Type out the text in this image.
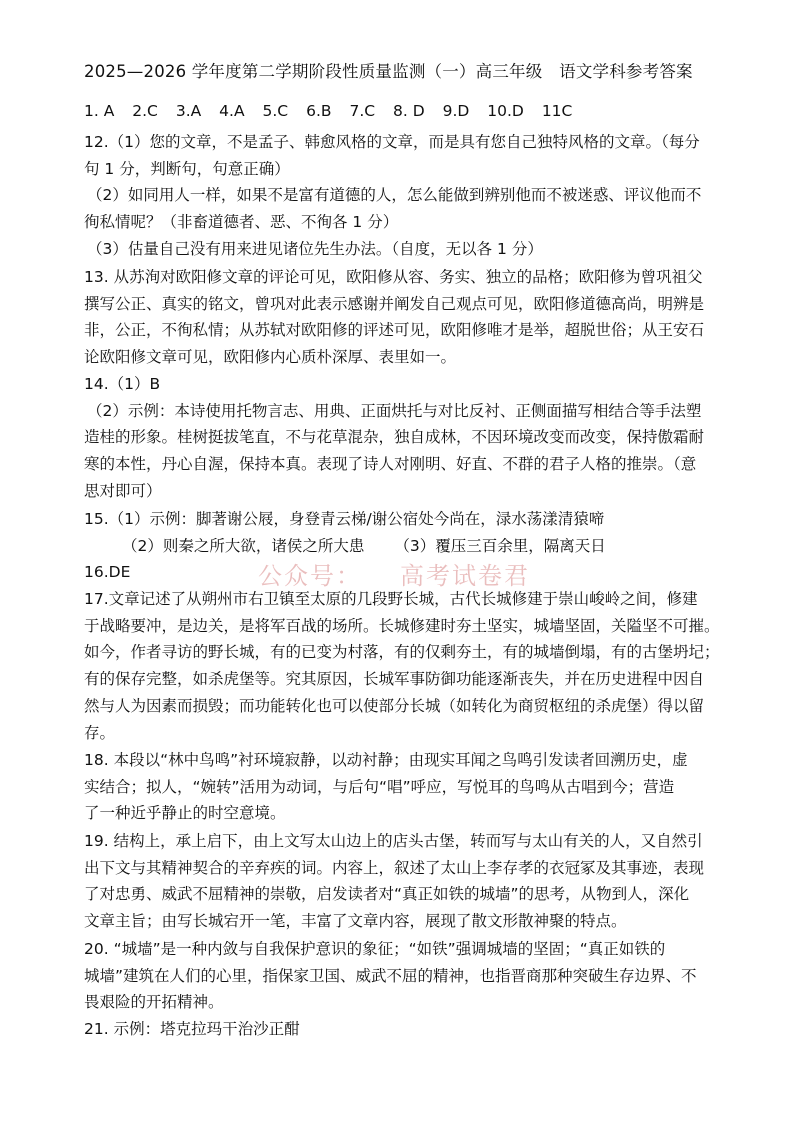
2025—2026 学年度第二学期阶段性质量监测（一）高三年级　语文学科参考答案
1. A 2.C 3.A 4.A 5.C 6.B 7.C 8. D 9.D 10.D 11C

12.（1）您的文章，不是孟子、韩愈风格的文章，而是具有您自己独特风格的文章。（每分

句 1 分，判断句，句意正确）

（2）如同用人一样，如果不是富有道德的人，怎么能做到辨别他而不被迷惑、评议他而不

徇私情呢？（非畜道德者、恶、不徇各 1 分）

（3）估量自己没有用来进见诸位先生办法。（自度，无以各 1 分）

13. 从苏洵对欧阳修文章的评论可见，欧阳修从容、务实、独立的品格；欧阳修为曾巩祖父

撰写公正、真实的铭文，曾巩对此表示感谢并阐发自己观点可见，欧阳修道德高尚，明辨是

非，公正，不徇私情；从苏轼对欧阳修的评述可见，欧阳修唯才是举，超脱世俗；从王安石

论欧阳修文章可见，欧阳修内心质朴深厚、表里如一。

14.（1）B

（2）示例：本诗使用托物言志、用典、正面烘托与对比反衬、正侧面描写相结合等手法塑

造桂的形象。桂树挺拔笔直，不与花草混杂，独自成林，不因环境改变而改变，保持傲霜耐

寒的本性，丹心自渥，保持本真。表现了诗人对刚明、好直、不群的君子人格的推崇。（意

思对即可）

15.（1）示例：脚著谢公屐，身登青云梯/谢公宿处今尚在，渌水荡漾清猿啼

（2）则秦之所大欲，诸侯之所大患 （3）覆压三百余里，隔离天日

16.DE

17.文章记述了从朔州市右卫镇至太原的几段野长城，古代长城修建于崇山峻岭之间，修建

于战略要冲，是边关，是将军百战的场所。长城修建时夯土坚实，城墙坚固，关隘坚不可摧。

如今，作者寻访的野长城，有的已变为村落，有的仅剩夯土，有的城墙倒塌，有的古堡坍圮；

有的保存完整，如杀虎堡等。究其原因，长城军事防御功能逐渐丧失，并在历史进程中因自

然与人为因素而损毁；而功能转化也可以使部分长城（如转化为商贸枢纽的杀虎堡）得以留

存。

18. 本段以“林中鸟鸣”衬环境寂静，以动衬静；由现实耳闻之鸟鸣引发读者回溯历史，虚

实结合；拟人，“婉转”活用为动词，与后句“唱”呼应，写悦耳的鸟鸣从古唱到今；营造

了一种近乎静止的时空意境。

19. 结构上，承上启下，由上文写太山边上的店头古堡，转而写与太山有关的人，又自然引

出下文与其精神契合的辛弃疾的词。内容上，叙述了太山上李存孝的衣冠冢及其事迹，表现

了对忠勇、威武不屈精神的崇敬，启发读者对“真正如铁的城墙”的思考，从物到人，深化

文章主旨；由写长城宕开一笔，丰富了文章内容，展现了散文形散神聚的特点。

20. “城墙”是一种内敛与自我保护意识的象征；“如铁”强调城墙的坚固；“真正如铁的

城墙”建筑在人们的心里，指保家卫国、威武不屈的精神，也指晋商那种突破生存边界、不

畏艰险的开拓精神。

21. 示例：塔克拉玛干治沙正酣

公众号： 高考试卷君
